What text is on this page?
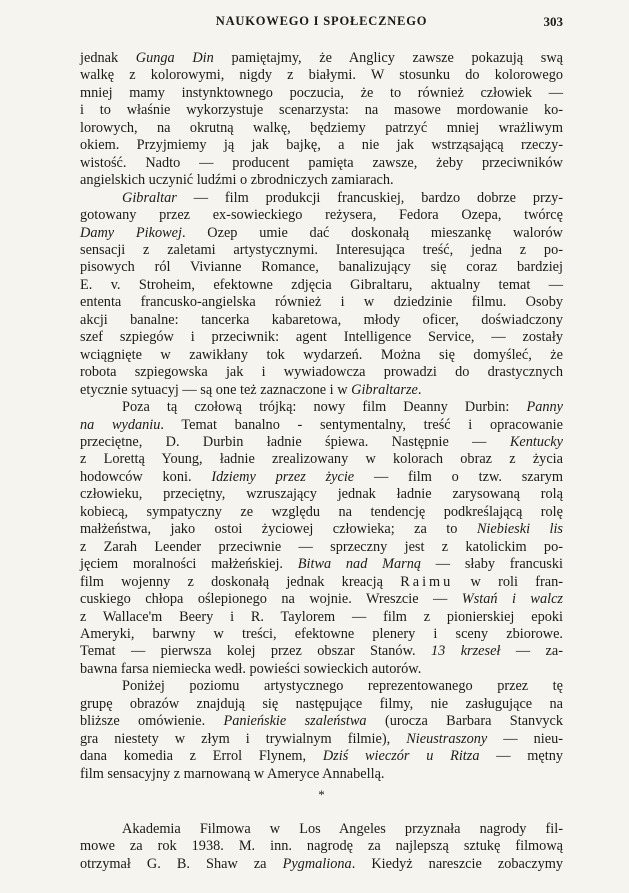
NAUKOWEGO I SPOŁECZNEGO	303
jednak Gunga Din pamiętajmy, że Anglicy zawsze pokazują swą
walkę z kolorowymi, nigdy z białymi. W stosunku do kolorowego
mniej mamy instynktownego poczucia, że to również człowiek —
i to właśnie wykorzystuje scenarzysta: na masowe mordowanie ko-
lorowych, na okrutną walkę, będziemy patrzyć mniej wrażliwym
okiem. Przyjmiemy ją jak bajkę, a nie jak wstrząsającą rzeczy-
wistość. Nadto — producent pamięta zawsze, żeby przeciwników
angielskich uczynić ludźmi o zbrodniczych zamiarach.
Gibraltar — film produkcji francuskiej, bardzo dobrze przy-
gotowany przez ex-sowieckiego reżysera, Fedora Ozepa, twórcę
Damy Pikowej. Ozep umie dać doskonałą mieszankę walorów
sensacji z zaletami artystycznymi. Interesująca treść, jedna z po-
pisowych ról Vivianne Romance, banalizujący się coraz bardziej
E. v. Stroheim, efektowne zdjęcia Gibraltaru, aktualny temat —
ententa francusko-angielska również i w dziedzinie filmu. Osoby
akcji banalne: tancerka kabaretowa, młody oficer, doświadczony
szef szpiegów i przeciwnik: agent Intelligence Service, — zostały
wciągnięte w zawikłany tok wydarzeń. Można się domyśleć, że
robota szpiegowska jak i wywiadowcza prowadzi do drastycznych
etycznie sytuacyj — są one też zaznaczone i w Gibraltarze.
Poza tą czołową trójką: nowy film Deanny Durbin: Panny
na wydaniu. Temat banalno - sentymentalny, treść i opracowanie
przeciętne, D. Durbin ładnie śpiewa. Następnie — Kentucky
z Lorettą Young, ładnie zrealizowany w kolorach obraz z życia
hodowców koni. Idziemy przez życie — film o tzw. szarym
człowieku, przeciętny, wzruszający jednak ładnie zarysowaną rolą
kobiecą, sympatyczny ze względu na tendencję podkreślającą rolę
małżeństwa, jako ostoi życiowej człowieka; za to Niebieski lis
z Zarah Leender przeciwnie — sprzeczny jest z katolickim po-
jęciem moralności małżeńskiej. Bitwa nad Marną — słaby francuski
film wojenny z doskonałą jednak kreacją Raimu w roli fran-
cuskiego chłopa oślepionego na wojnie. Wreszcie — Wstań i walcz
z Wallace'm Beery i R. Taylorem — film z pionierskiej epoki
Ameryki, barwny w treści, efektowne plenery i sceny zbiorowe.
Temat — pierwsza kolej przez obszar Stanów. 13 krzeseł — za-
bawna farsa niemiecka wedł. powieści sowieckich autorów.
Poniżej poziomu artystycznego reprezentowanego przez tę
grupę obrazów znajdują się następujące filmy, nie zasługujące na
bliższe omówienie. Panieńskie szaleństwa (urocza Barbara Stanvyck
gra niestety w złym i trywialnym filmie), Nieustraszony — nieu-
dana komedia z Errol Flynem, Dziś wieczór u Ritza — mętny
film sensacyjny z marnowaną w Ameryce Annabellą.
*
Akademia Filmowa w Los Angeles przyznała nagrody fil-
mowe za rok 1938. M. inn. nagrodę za najlepszą sztukę filmową
otrzymał G. B. Shaw za Pygmaliona. Kiedyż nareszcie zobaczymy
